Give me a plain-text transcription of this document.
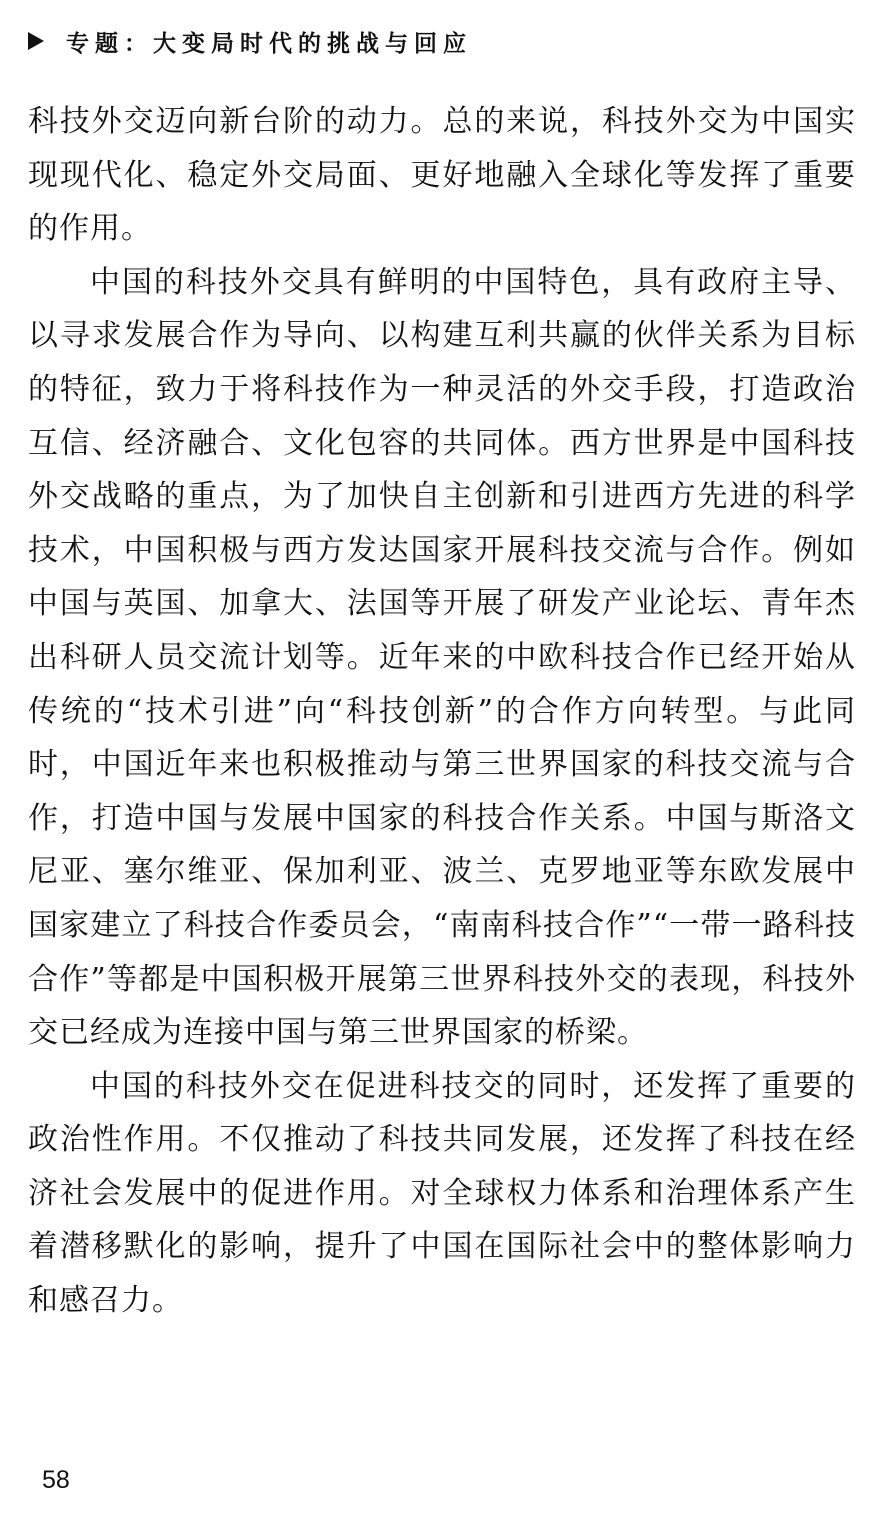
专题：大变局时代的挑战与回应

科技外交迈向新台阶的动力。总的来说，科技外交为中国实现现代化、稳定外交局面、更好地融入全球化等发挥了重要的作用。

中国的科技外交具有鲜明的中国特色，具有政府主导、以寻求发展合作为导向、以构建互利共赢的伙伴关系为目标的特征，致力于将科技作为一种灵活的外交手段，打造政治互信、经济融合、文化包容的共同体。西方世界是中国科技外交战略的重点，为了加快自主创新和引进西方先进的科学技术，中国积极与西方发达国家开展科技交流与合作。例如中国与英国、加拿大、法国等开展了研发产业论坛、青年杰出科研人员交流计划等。近年来的中欧科技合作已经开始从传统的“技术引进”向“科技创新”的合作方向转型。与此同时，中国近年来也积极推动与第三世界国家的科技交流与合作，打造中国与发展中国家的科技合作关系。中国与斯洛文尼亚、塞尔维亚、保加利亚、波兰、克罗地亚等东欧发展中国家建立了科技合作委员会，“南南科技合作”“一带一路科技合作”等都是中国积极开展第三世界科技外交的表现，科技外交已经成为连接中国与第三世界国家的桥梁。

中国的科技外交在促进科技交的同时，还发挥了重要的政治性作用。不仅推动了科技共同发展，还发挥了科技在经济社会发展中的促进作用。对全球权力体系和治理体系产生着潜移默化的影响，提升了中国在国际社会中的整体影响力和感召力。

58
